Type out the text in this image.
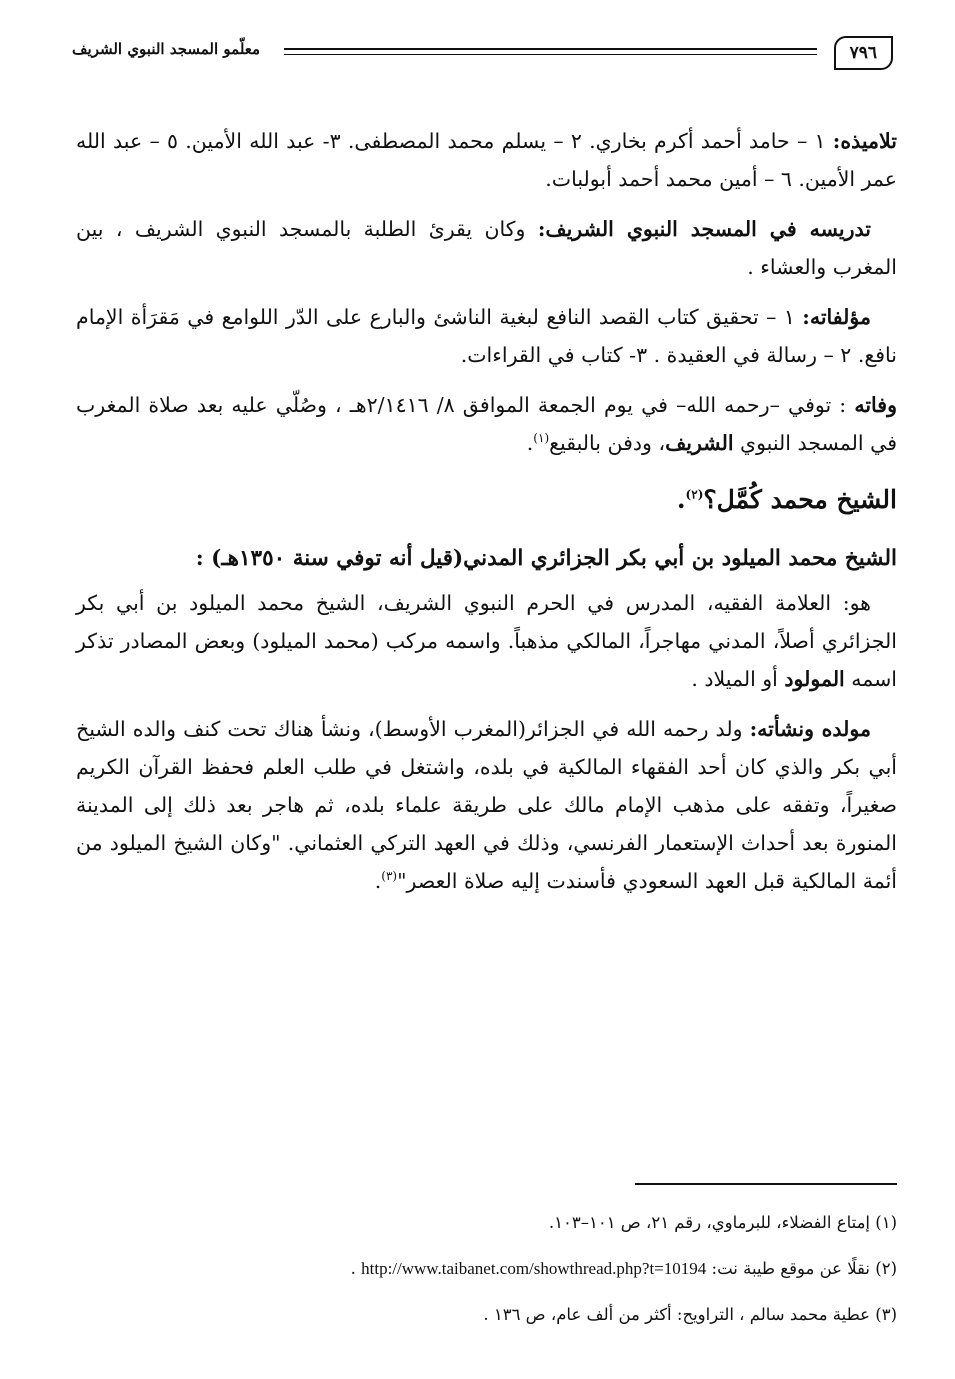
٧٩٦
معلّمو المسجد النبوي الشريف

تلاميذه: ١ – حامد أحمد أكرم بخاري. ٢ – يسلم محمد المصطفى. ٣- عبد الله الأمين. ٥ – عبد الله عمر الأمين. ٦ – أمين محمد أحمد أبولبات.

تدريسه في المسجد النبوي الشريف: وكان يقرئ الطلبة بالمسجد النبوي الشريف ، بين المغرب والعشاء .

مؤلفاته: ١ – تحقيق كتاب القصد النافع لبغية الناشئ والبارع على الدّر اللوامع في مَقرَأة الإمام نافع. ٢ – رسالة في العقيدة . ٣- كتاب في القراءات.

وفاته : توفي –رحمه الله– في يوم الجمعة الموافق ٨/ ٢/١٤١٦هـ ، وصُلّي عليه بعد صلاة المغرب في المسجد النبوي الشريف، ودفن بالبقيع$^{(١)}$.

الشيخ محمد كُمَّل؟$^{(٢)}$.
الشيخ محمد الميلود بن أبي بكر الجزائري المدني(قيل أنه توفي سنة ١٣٥٠هـ) :

هو: العلامة الفقيه، المدرس في الحرم النبوي الشريف، الشيخ محمد الميلود بن أبي بكر الجزائري أصلاً، المدني مهاجراً، المالكي مذهباً. واسمه مركب (محمد الميلود) وبعض المصادر تذكر اسمه المولود أو الميلاد .

مولده ونشأته: ولد رحمه الله في الجزائر(المغرب الأوسط)، ونشأ هناك تحت كنف والده الشيخ أبي بكر والذي كان أحد الفقهاء المالكية في بلده، واشتغل في طلب العلم فحفظ القرآن الكريم صغيراً، وتفقه على مذهب الإمام مالك على طريقة علماء بلده، ثم هاجر بعد ذلك إلى المدينة المنورة بعد أحداث الإستعمار الفرنسي، وذلك في العهد التركي العثماني. "وكان الشيخ الميلود من أئمة المالكية قبل العهد السعودي فأسندت إليه صلاة العصر"$^{(٣)}$.

(١) إمتاع الفضلاء، للبرماوي، رقم ٢١، ص ١٠١–١٠٣.

(٢) نقلًا عن موقع طيبة نت: http://www.taibanet.com/showthread.php?t=10194 .

(٣) عطية محمد سالم ، التراويح: أكثر من ألف عام، ص ١٣٦ .
